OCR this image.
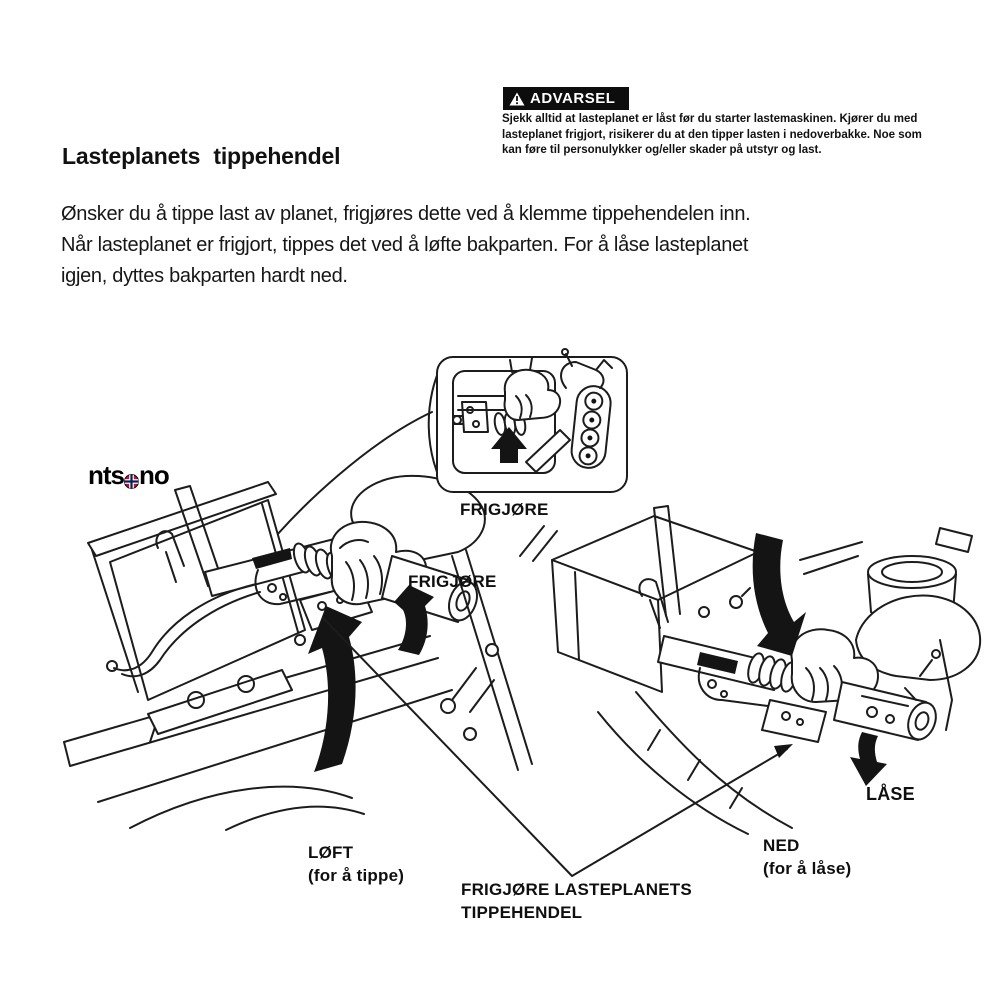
ADVARSEL
Sjekk alltid at lasteplanet er låst før du starter lastemaskinen. Kjører du med
lasteplanet frigjort, risikerer du at den tipper lasten i nedoverbakke. Noe som
kan føre til personulykker og/eller skader på utstyr og last.
Lasteplanets tippehendel
Ønsker du å tippe last av planet, frigjøres dette ved å klemme tippehendelen inn.
Når lasteplanet er frigjort, tippes det ved å løfte bakparten. For å låse lasteplanet
igjen, dyttes bakparten hardt ned.
nts no
FRIGJØRE
FRIGJØRE
LØFT
(for å tippe)
LÅSE
NED
(for å låse)
FRIGJØRE LASTEPLANETS
TIPPEHENDEL
